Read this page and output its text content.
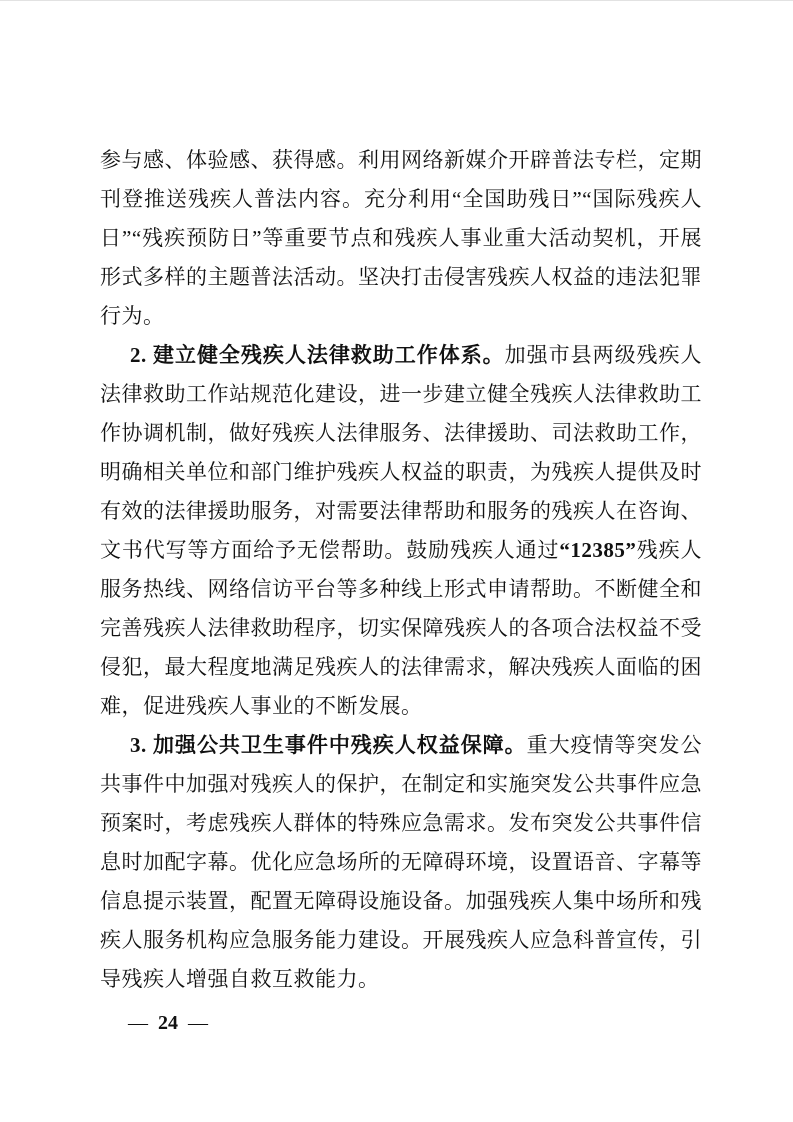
参与感、体验感、获得感。利用网络新媒介开辟普法专栏，定期刊登推送残疾人普法内容。充分利用“全国助残日”“国际残疾人日”“残疾预防日”等重要节点和残疾人事业重大活动契机，开展形式多样的主题普法活动。坚决打击侵害残疾人权益的违法犯罪行为。

2. 建立健全残疾人法律救助工作体系。加强市县两级残疾人法律救助工作站规范化建设，进一步建立健全残疾人法律救助工作协调机制，做好残疾人法律服务、法律援助、司法救助工作，明确相关单位和部门维护残疾人权益的职责，为残疾人提供及时有效的法律援助服务，对需要法律帮助和服务的残疾人在咨询、文书代写等方面给予无偿帮助。鼓励残疾人通过“12385”残疾人服务热线、网络信访平台等多种线上形式申请帮助。不断健全和完善残疾人法律救助程序，切实保障残疾人的各项合法权益不受侵犯，最大程度地满足残疾人的法律需求，解决残疾人面临的困难，促进残疾人事业的不断发展。

3. 加强公共卫生事件中残疾人权益保障。重大疫情等突发公共事件中加强对残疾人的保护，在制定和实施突发公共事件应急预案时，考虑残疾人群体的特殊应急需求。发布突发公共事件信息时加配字幕。优化应急场所的无障碍环境，设置语音、字幕等信息提示装置，配置无障碍设施设备。加强残疾人集中场所和残疾人服务机构应急服务能力建设。开展残疾人应急科普宣传，引导残疾人增强自救互救能力。

— 24 —
